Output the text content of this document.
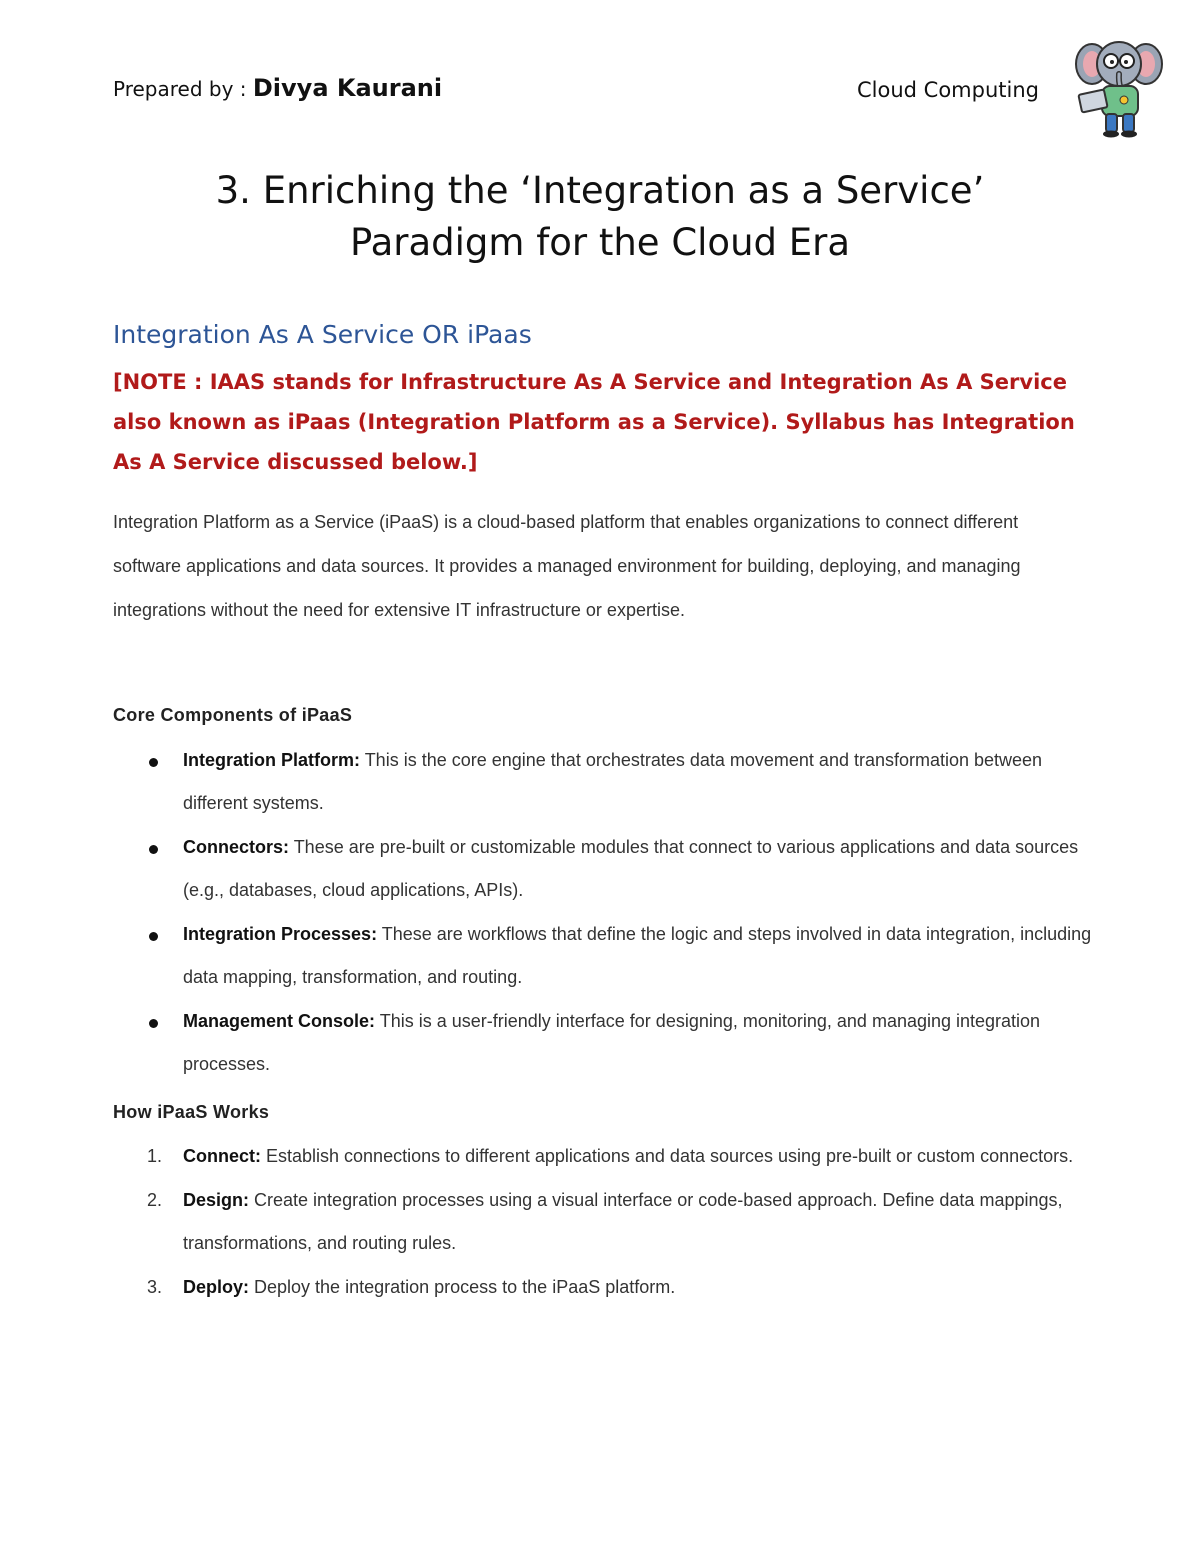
Prepared by : Divya Kaurani	Cloud Computing
3. Enriching the ‘Integration as a Service’
Paradigm for the Cloud Era
Integration As A Service OR iPaas
[NOTE : IAAS stands for Infrastructure As A Service and Integration As A Service also known as iPaas (Integration Platform as a Service). Syllabus has Integration As A Service discussed below.]
Integration Platform as a Service (iPaaS) is a cloud-based platform that enables organizations to connect different software applications and data sources. It provides a managed environment for building, deploying, and managing integrations without the need for extensive IT infrastructure or expertise.
Core Components of iPaaS
Integration Platform: This is the core engine that orchestrates data movement and transformation between different systems.
Connectors: These are pre-built or customizable modules that connect to various applications and data sources (e.g., databases, cloud applications, APIs).
Integration Processes: These are workflows that define the logic and steps involved in data integration, including data mapping, transformation, and routing.
Management Console: This is a user-friendly interface for designing, monitoring, and managing integration processes.
How iPaaS Works
1. Connect: Establish connections to different applications and data sources using pre-built or custom connectors.
2. Design: Create integration processes using a visual interface or code-based approach. Define data mappings, transformations, and routing rules.
3. Deploy: Deploy the integration process to the iPaaS platform.
